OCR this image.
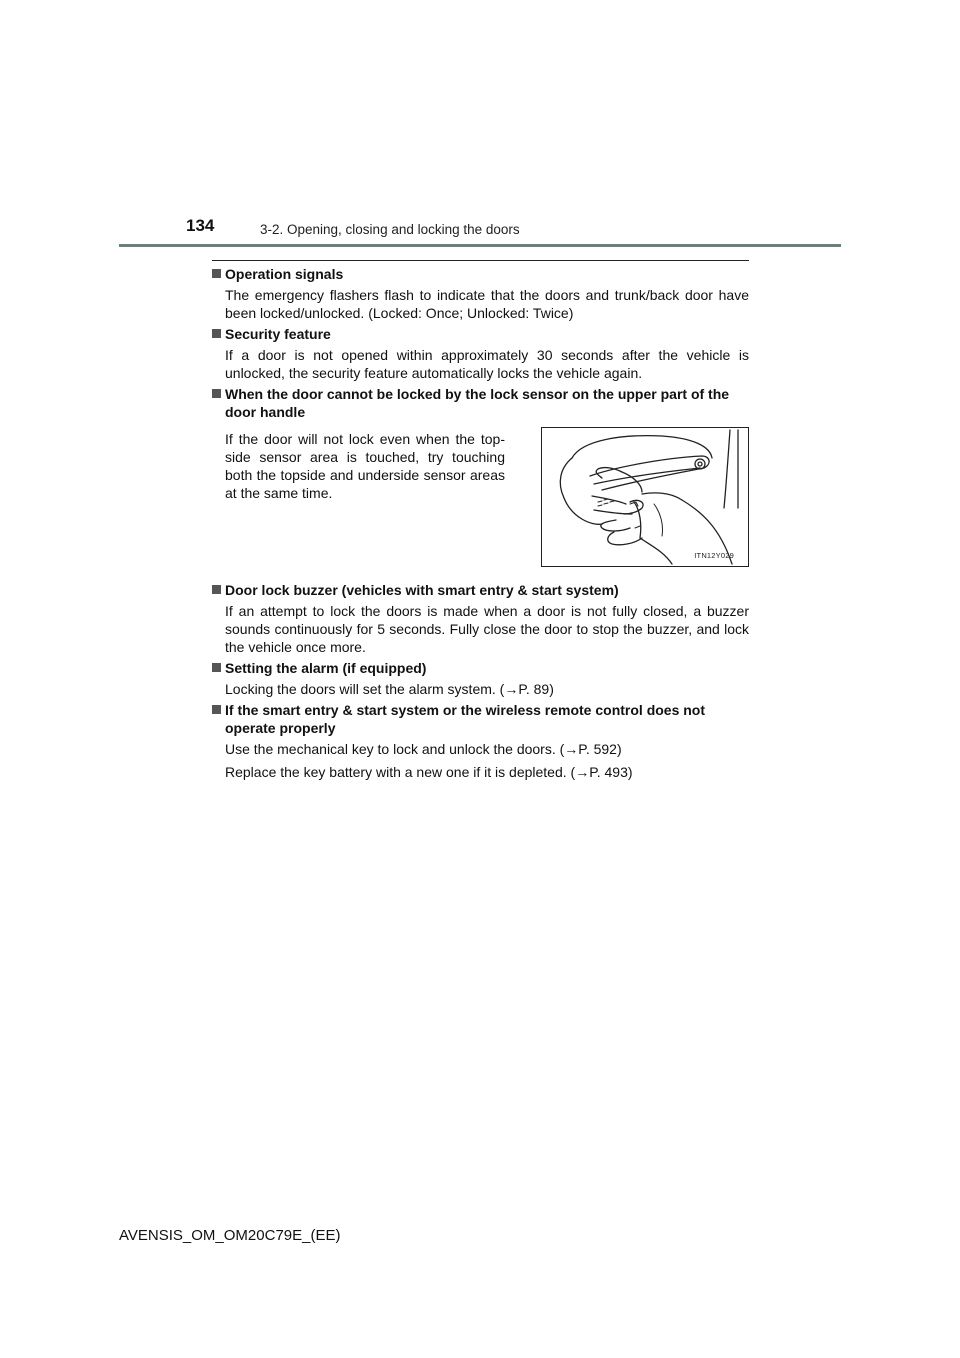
134	3-2. Opening, closing and locking the doors
Operation signals
The emergency flashers flash to indicate that the doors and trunk/back door have been locked/unlocked. (Locked: Once; Unlocked: Twice)
Security feature
If a door is not opened within approximately 30 seconds after the vehicle is unlocked, the security feature automatically locks the vehicle again.
When the door cannot be locked by the lock sensor on the upper part of the door handle
If the door will not lock even when the top-side sensor area is touched, try touching both the topside and underside sensor areas at the same time.
ITN12Y029
Door lock buzzer (vehicles with smart entry & start system)
If an attempt to lock the doors is made when a door is not fully closed, a buzzer sounds continuously for 5 seconds. Fully close the door to stop the buzzer, and lock the vehicle once more.
Setting the alarm (if equipped)
Locking the doors will set the alarm system. (→P. 89)
If the smart entry & start system or the wireless remote control does not operate properly
Use the mechanical key to lock and unlock the doors. (→P. 592)
Replace the key battery with a new one if it is depleted. (→P. 493)
AVENSIS_OM_OM20C79E_(EE)
